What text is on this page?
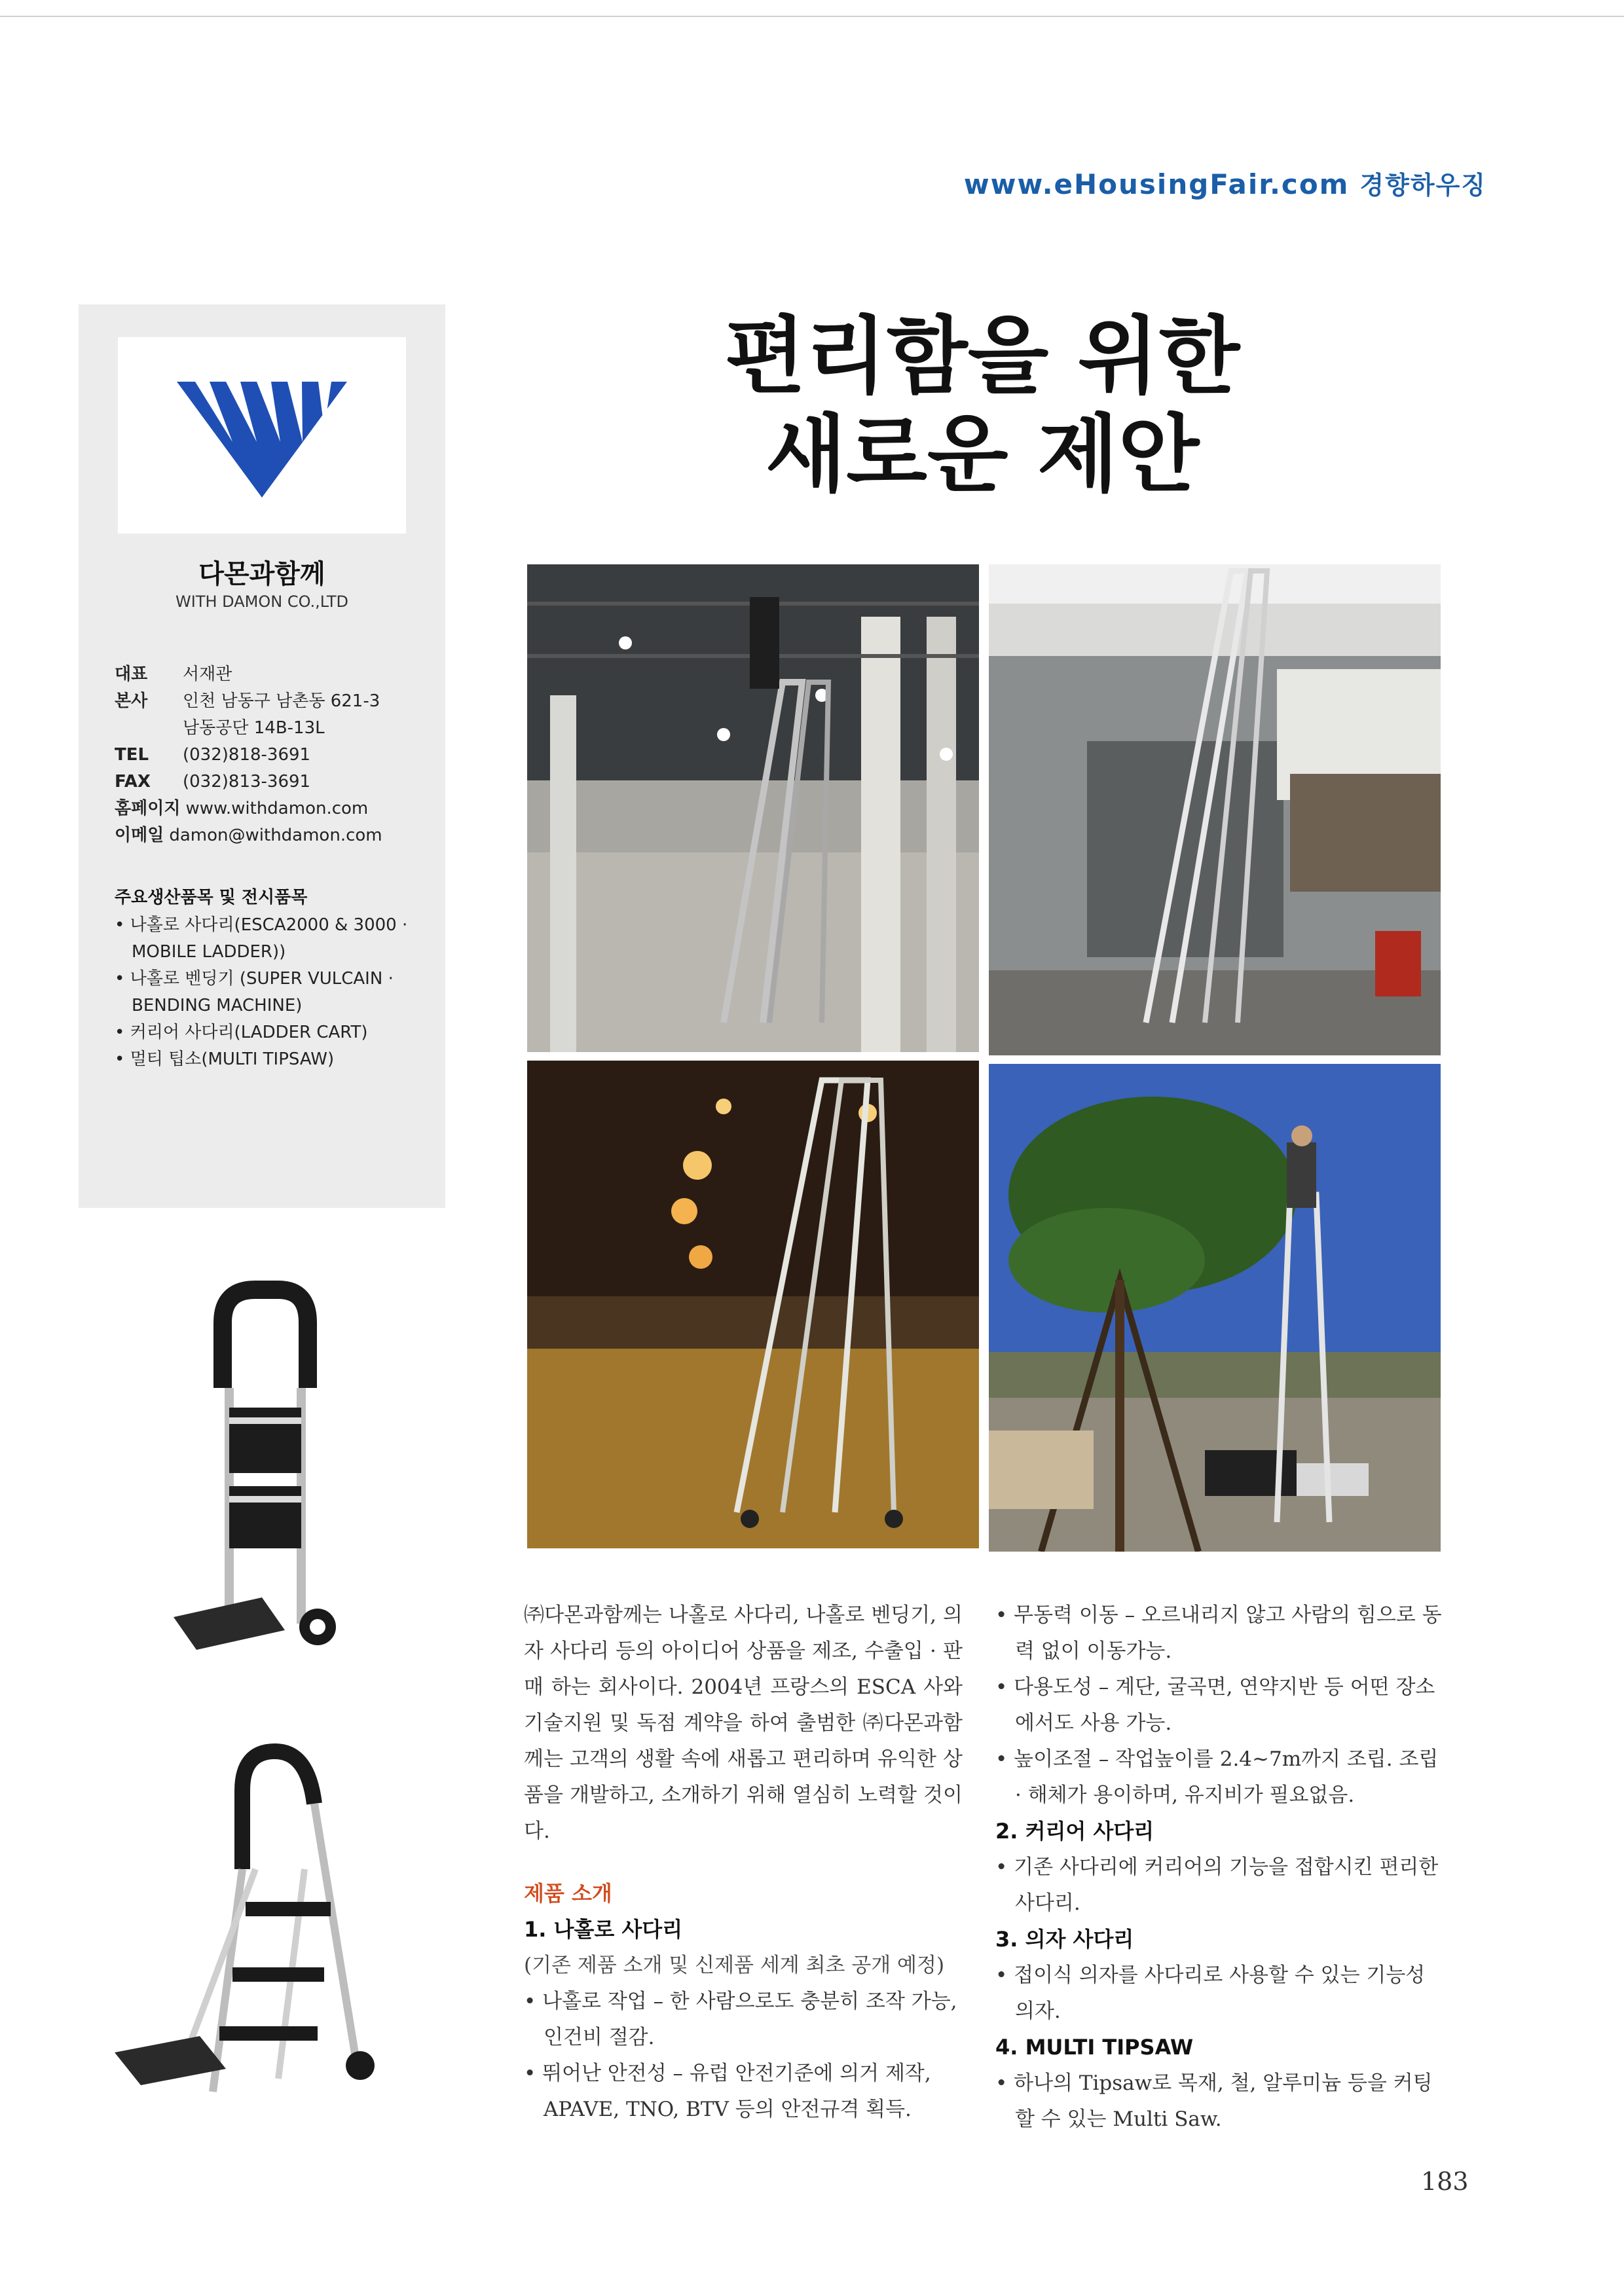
www.eHousingFair.com 경향하우징
편리함을 위한
새로운 제안
다몬과함께
WITH DAMON CO.,LTD
대표	서재관
본사	인천 남동구 남촌동 621-3
남동공단 14B-13L
TEL	(032)818-3691
FAX	(032)813-3691
홈페이지 www.withdamon.com
이메일 damon@withdamon.com
주요생산품목 및 전시품목
• 나홀로 사다리(ESCA2000 & 3000 · MOBILE LADDER))
• 나홀로 벤딩기 (SUPER VULCAIN · BENDING MACHINE)
• 커리어 사다리(LADDER CART)
• 멀티 팁소(MULTI TIPSAW)

㈜다몬과함께는 나홀로 사다리, 나홀로 벤딩기, 의자 사다리 등의 아이디어 상품을 제조, 수출입 · 판매 하는 회사이다. 2004년 프랑스의 ESCA 사와 기술지원 및 독점 계약을 하여 출범한 ㈜다몬과함께는 고객의 생활 속에 새롭고 편리하며 유익한 상품을 개발하고, 소개하기 위해 열심히 노력할 것이다.

제품 소개
1. 나홀로 사다리
(기존 제품 소개 및 신제품 세계 최초 공개 예정)
• 나홀로 작업 – 한 사람으로도 충분히 조작 가능, 인건비 절감.
• 뛰어난 안전성 – 유럽 안전기준에 의거 제작, APAVE, TNO, BTV 등의 안전규격 획득.
• 무동력 이동 – 오르내리지 않고 사람의 힘으로 동력 없이 이동가능.
• 다용도성 – 계단, 굴곡면, 연약지반 등 어떤 장소에서도 사용 가능.
• 높이조절 – 작업높이를 2.4~7m까지 조립. 조립 · 해체가 용이하며, 유지비가 필요없음.
2. 커리어 사다리
• 기존 사다리에 커리어의 기능을 접합시킨 편리한 사다리.
3. 의자 사다리
• 접이식 의자를 사다리로 사용할 수 있는 기능성 의자.
4. MULTI TIPSAW
• 하나의 Tipsaw로 목재, 철, 알루미늄 등을 커팅할 수 있는 Multi Saw.
183
